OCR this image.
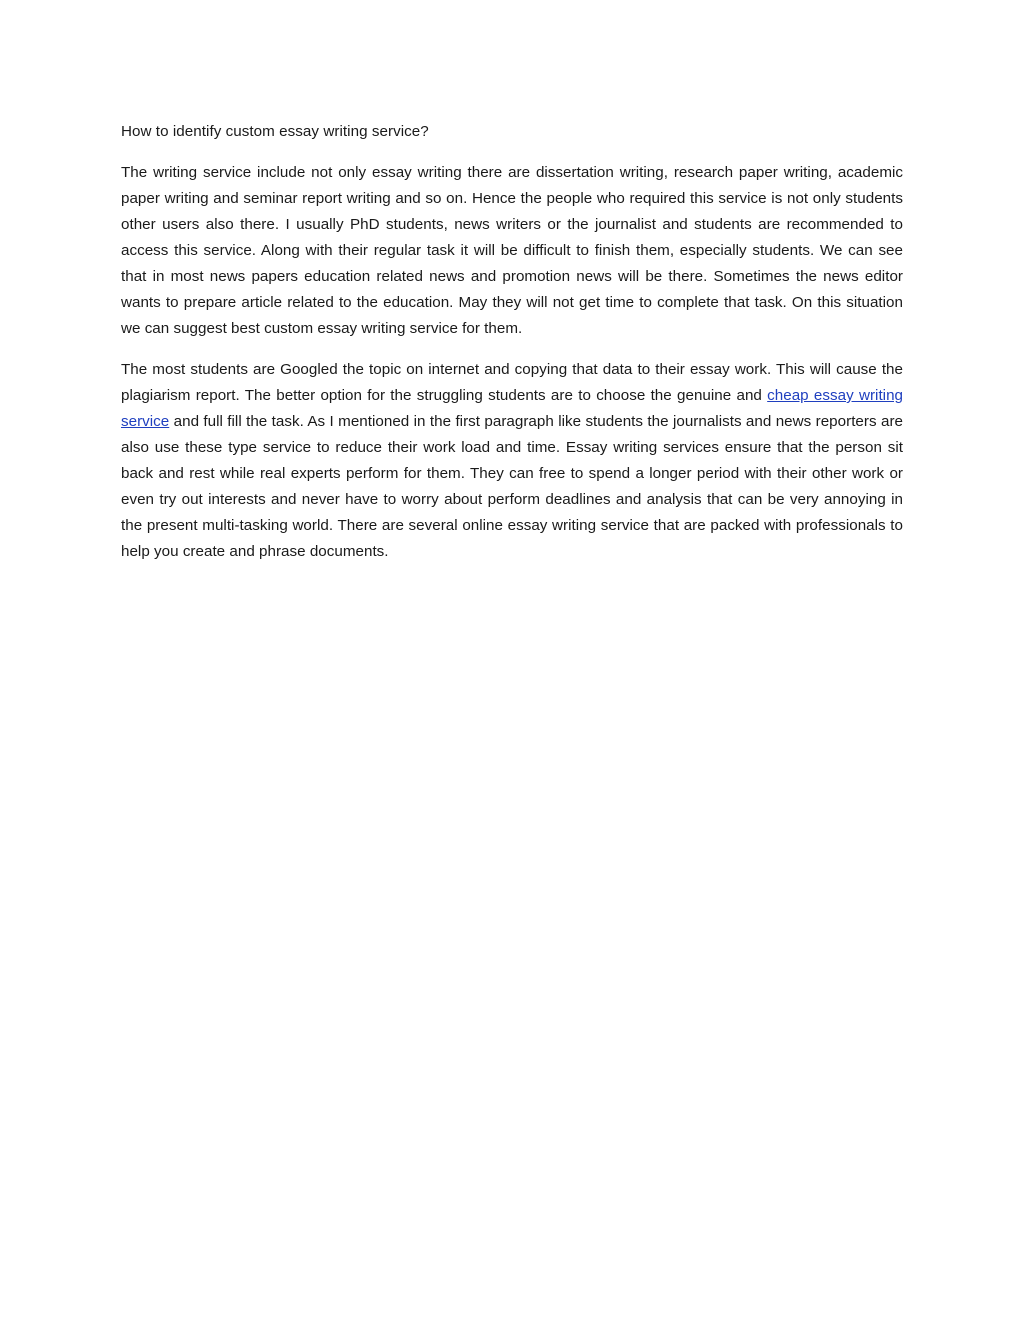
How to identify custom essay writing service?

The writing service include not only essay writing there are dissertation writing, research paper writing, academic paper writing and seminar report writing and so on. Hence the people who required this service is not only students other users also there. I usually PhD students, news writers or the journalist and students are recommended to access this service. Along with their regular task it will be difficult to finish them, especially students. We can see that in most news papers education related news and promotion news will be there. Sometimes the news editor wants to prepare article related to the education. May they will not get time to complete that task. On this situation we can suggest best custom essay writing service for them.

The most students are Googled the topic on internet and copying that data to their essay work. This will cause the plagiarism report. The better option for the struggling students are to choose the genuine and cheap essay writing service and full fill the task. As I mentioned in the first paragraph like students the journalists and news reporters are also use these type service to reduce their work load and time. Essay writing services ensure that the person sit back and rest while real experts perform for them. They can free to spend a longer period with their other work or even try out interests and never have to worry about perform deadlines and analysis that can be very annoying in the present multi-tasking world. There are several online essay writing service that are packed with professionals to help you create and phrase documents.
